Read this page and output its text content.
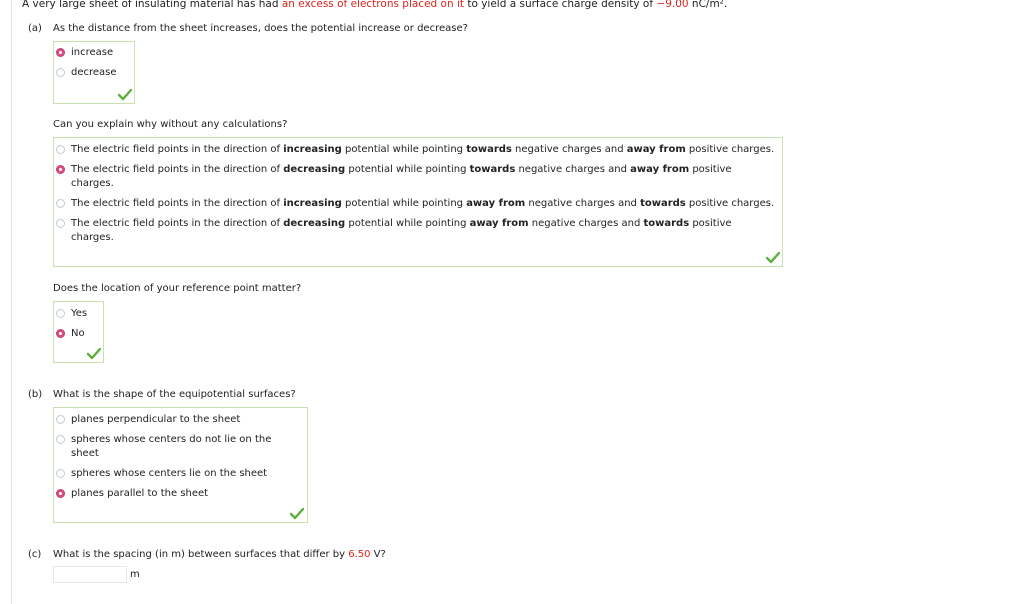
A very large sheet of insulating material has had an excess of electrons placed on it to yield a surface charge density of −9.00 nC/m².
(a) As the distance from the sheet increases, does the potential increase or decrease?
increase
decrease
Can you explain why without any calculations?
The electric field points in the direction of increasing potential while pointing towards negative charges and away from positive charges.
The electric field points in the direction of decreasing potential while pointing towards negative charges and away from positive charges.
The electric field points in the direction of increasing potential while pointing away from negative charges and towards positive charges.
The electric field points in the direction of decreasing potential while pointing away from negative charges and towards positive charges.
Does the location of your reference point matter?
Yes
No
(b) What is the shape of the equipotential surfaces?
planes perpendicular to the sheet
spheres whose centers do not lie on the sheet
spheres whose centers lie on the sheet
planes parallel to the sheet
(c) What is the spacing (in m) between surfaces that differ by 6.50 V?
m
